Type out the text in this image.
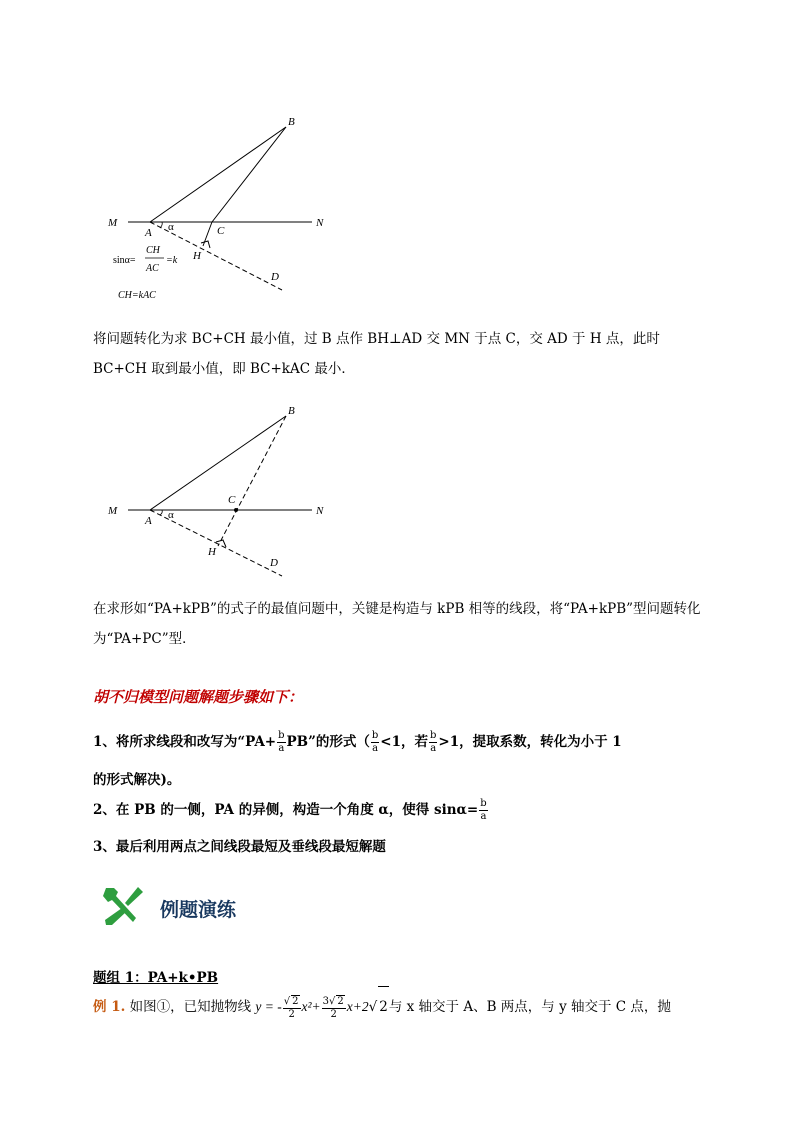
B
M	N
A α	C
H
D
sinα=
CH
AC
=k
CH=kAC
将问题转化为求 BC+CH 最小值，过 B 点作 BH⊥AD 交 MN 于点 C，交 AD 于 H 点，此时 BC+CH 取到最小值，即 BC+kAC 最小．
B
M	N
A α
C
H
D
在求形如“PA+kPB”的式子的最值问题中，关键是构造与 kPB 相等的线段，将“PA+kPB”型问题转化为“PA+PC”型．
胡不归模型问题解题步骤如下：
1、将所求线段和改写为“$PA+ \frac{b}{a}$ PB”的形式（ $\frac{b}{a} <1$，若 $\frac{b}{a} >1$，提取系数，转化为小于 1
的形式解决)。
2、在 PB 的一侧，PA 的异侧，构造一个角度 α，使得 $\sin\alpha= \frac{b}{a}$
3、最后利用两点之间线段最短及垂线段最短解题
例题演练
题组 1：PA+k•PB
例 1. 如图①，已知抛物线 y = - $\frac{√ 2}{2} x^2+ \frac{3√ 2}{2} x+2√$ 2与 x 轴交于 A、B 两点，与 y 轴交于 C 点，抛
